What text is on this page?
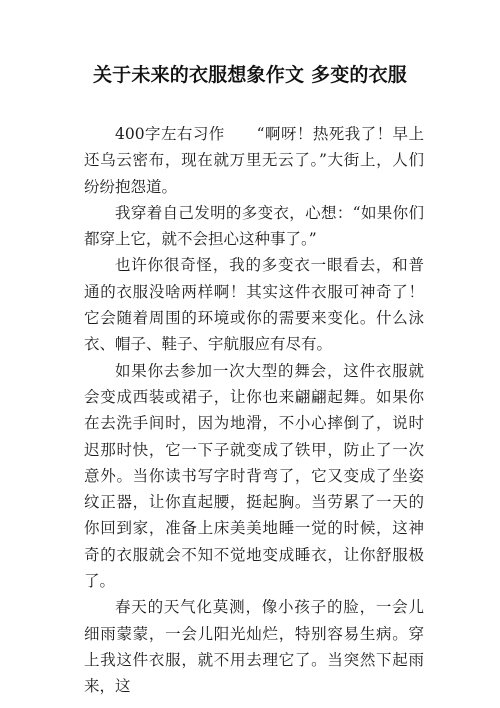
关于未来的衣服想象作文 多变的衣服

400字左右习作　　“啊呀！热死我了！早上还乌云密布，现在就万里无云了。”大街上，人们纷纷抱怨道。

我穿着自己发明的多变衣，心想：“如果你们都穿上它，就不会担心这种事了。”

也许你很奇怪，我的多变衣一眼看去，和普通的衣服没啥两样啊！其实这件衣服可神奇了！它会随着周围的环境或你的需要来变化。什么泳衣、帽子、鞋子、宇航服应有尽有。

如果你去参加一次大型的舞会，这件衣服就会变成西装或裙子，让你也来翩翩起舞。如果你在去洗手间时，因为地滑，不小心摔倒了，说时迟那时快，它一下子就变成了铁甲，防止了一次意外。当你读书写字时背弯了，它又变成了坐姿纹正器，让你直起腰，挺起胸。当劳累了一天的你回到家，准备上床美美地睡一觉的时候，这神奇的衣服就会不知不觉地变成睡衣，让你舒服极了。

春天的天气化莫测，像小孩子的脸，一会儿细雨蒙蒙，一会儿阳光灿烂，特别容易生病。穿上我这件衣服，就不用去理它了。当突然下起雨来，这
